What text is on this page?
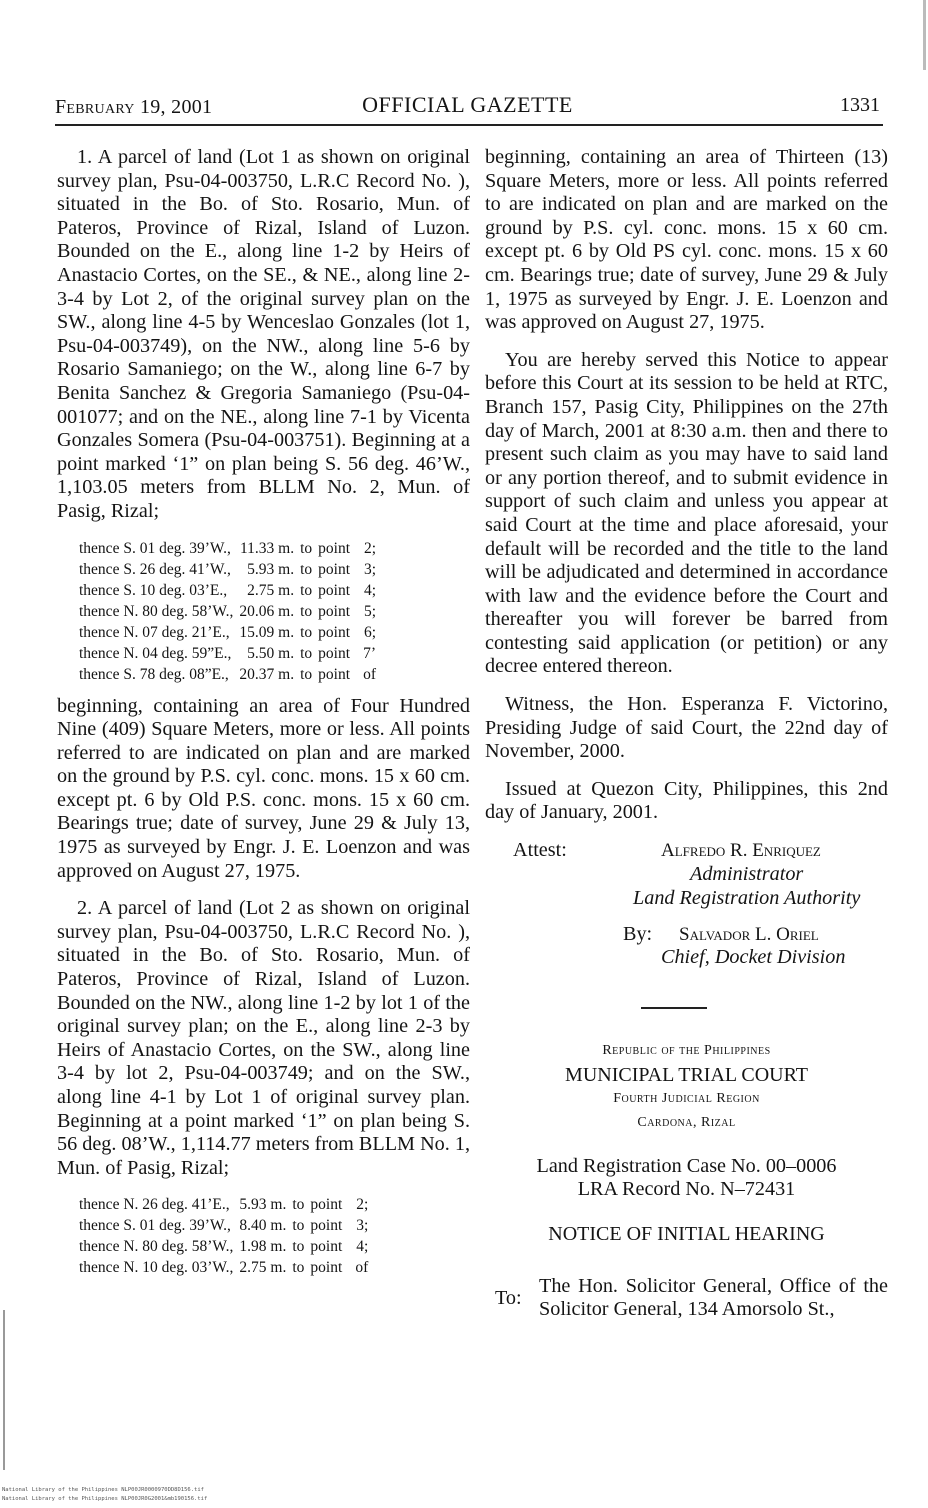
February 19, 2001	OFFICIAL GAZETTE	1331

1. A parcel of land (Lot 1 as shown on original survey plan, Psu-04-003750, L.R.C Record No. ), situated in the Bo. of Sto. Rosario, Mun. of Pateros, Province of Rizal, Island of Luzon. Bounded on the E., along line 1-2 by Heirs of Anastacio Cortes, on the SE., & NE., along line 2-3-4 by Lot 2, of the original survey plan on the SW., along line 4-5 by Wenceslao Gonzales (lot 1, Psu-04-003749), on the NW., along line 5-6 by Rosario Samaniego; on the W., along line 6-7 by Benita Sanchez & Gregoria Samaniego (Psu-04-001077; and on the NE., along line 7-1 by Vicenta Gonzales Somera (Psu-04-003751). Beginning at a point marked ‘1” on plan being S. 56 deg. 46’W., 1,103.05 meters from BLLM No. 2, Mun. of Pasig, Rizal;

thence S. 01 deg. 39’W.,	11.33 m.	to	point	2;
thence S. 26 deg. 41’W.,	5.93 m.	to	point	3;
thence S. 10 deg. 03’E.,	2.75 m.	to	point	4;
thence N. 80 deg. 58’W.,	20.06 m.	to	point	5;
thence N. 07 deg. 21’E.,	15.09 m.	to	point	6;
thence N. 04 deg. 59”E.,	5.50 m.	to	point	7’
thence S. 78 deg. 08”E.,	20.37 m.	to	point	of

beginning, containing an area of Four Hundred Nine (409) Square Meters, more or less. All points referred to are indicated on plan and are marked on the ground by P.S. cyl. conc. mons. 15 x 60 cm. except pt. 6 by Old P.S. conc. mons. 15 x 60 cm. Bearings true; date of survey, June 29 & July 13, 1975 as surveyed by Engr. J. E. Loenzon and was approved on August 27, 1975.

2. A parcel of land (Lot 2 as shown on original survey plan, Psu-04-003750, L.R.C Record No. ), situated in the Bo. of Sto. Rosario, Mun. of Pateros, Province of Rizal, Island of Luzon. Bounded on the NW., along line 1-2 by lot 1 of the original survey plan; on the E., along line 2-3 by Heirs of Anastacio Cortes, on the SW., along line 3-4 by lot 2, Psu-04-003749; and on the SW., along line 4-1 by Lot 1 of original survey plan. Beginning at a point marked ‘1” on plan being S. 56 deg. 08’W., 1,114.77 meters from BLLM No. 1, Mun. of Pasig, Rizal;

thence N. 26 deg. 41’E.,	5.93 m.	to	point	2;
thence S. 01 deg. 39’W.,	8.40 m.	to	point	3;
thence N. 80 deg. 58’W.,	1.98 m.	to	point	4;
thence N. 10 deg. 03’W.,	2.75 m.	to	point	of

beginning, containing an area of Thirteen (13) Square Meters, more or less. All points referred to are indicated on plan and are marked on the ground by P.S. cyl. conc. mons. 15 x 60 cm. except pt. 6 by Old PS cyl. conc. mons. 15 x 60 cm. Bearings true; date of survey, June 29 & July 1, 1975 as surveyed by Engr. J. E. Loenzon and was approved on August 27, 1975.

You are hereby served this Notice to appear before this Court at its session to be held at RTC, Branch 157, Pasig City, Philippines on the 27th day of March, 2001 at 8:30 a.m. then and there to present such claim as you may have to said land or any portion thereof, and to submit evidence in support of such claim and unless you appear at said Court at the time and place aforesaid, your default will be recorded and the title to the land will be adjudicated and determined in accordance with law and the evidence before the Court and thereafter you will forever be barred from contesting said application (or petition) or any decree entered thereon.

Witness, the Hon. Esperanza F. Victorino, Presiding Judge of said Court, the 22nd day of November, 2000.

Issued at Quezon City, Philippines, this 2nd day of January, 2001.

Attest:	Alfredo R. Enriquez
Administrator
Land Registration Authority
By: Salvador L. Oriel
Chief, Docket Division
Republic of the Philippines
MUNICIPAL TRIAL COURT
Fourth Judicial Region
Cardona, Rizal
Land Registration Case No. 00–0006
LRA Record No. N–72431
NOTICE OF INITIAL HEARING
To:
The Hon. Solicitor General, Office of the Solicitor General, 134 Amorsolo St.,
National Library of the Philippines NLP00JR0000970DD8D156.tif
National Library of the Philippines NLP00JR0G2001&mb190156.tif
